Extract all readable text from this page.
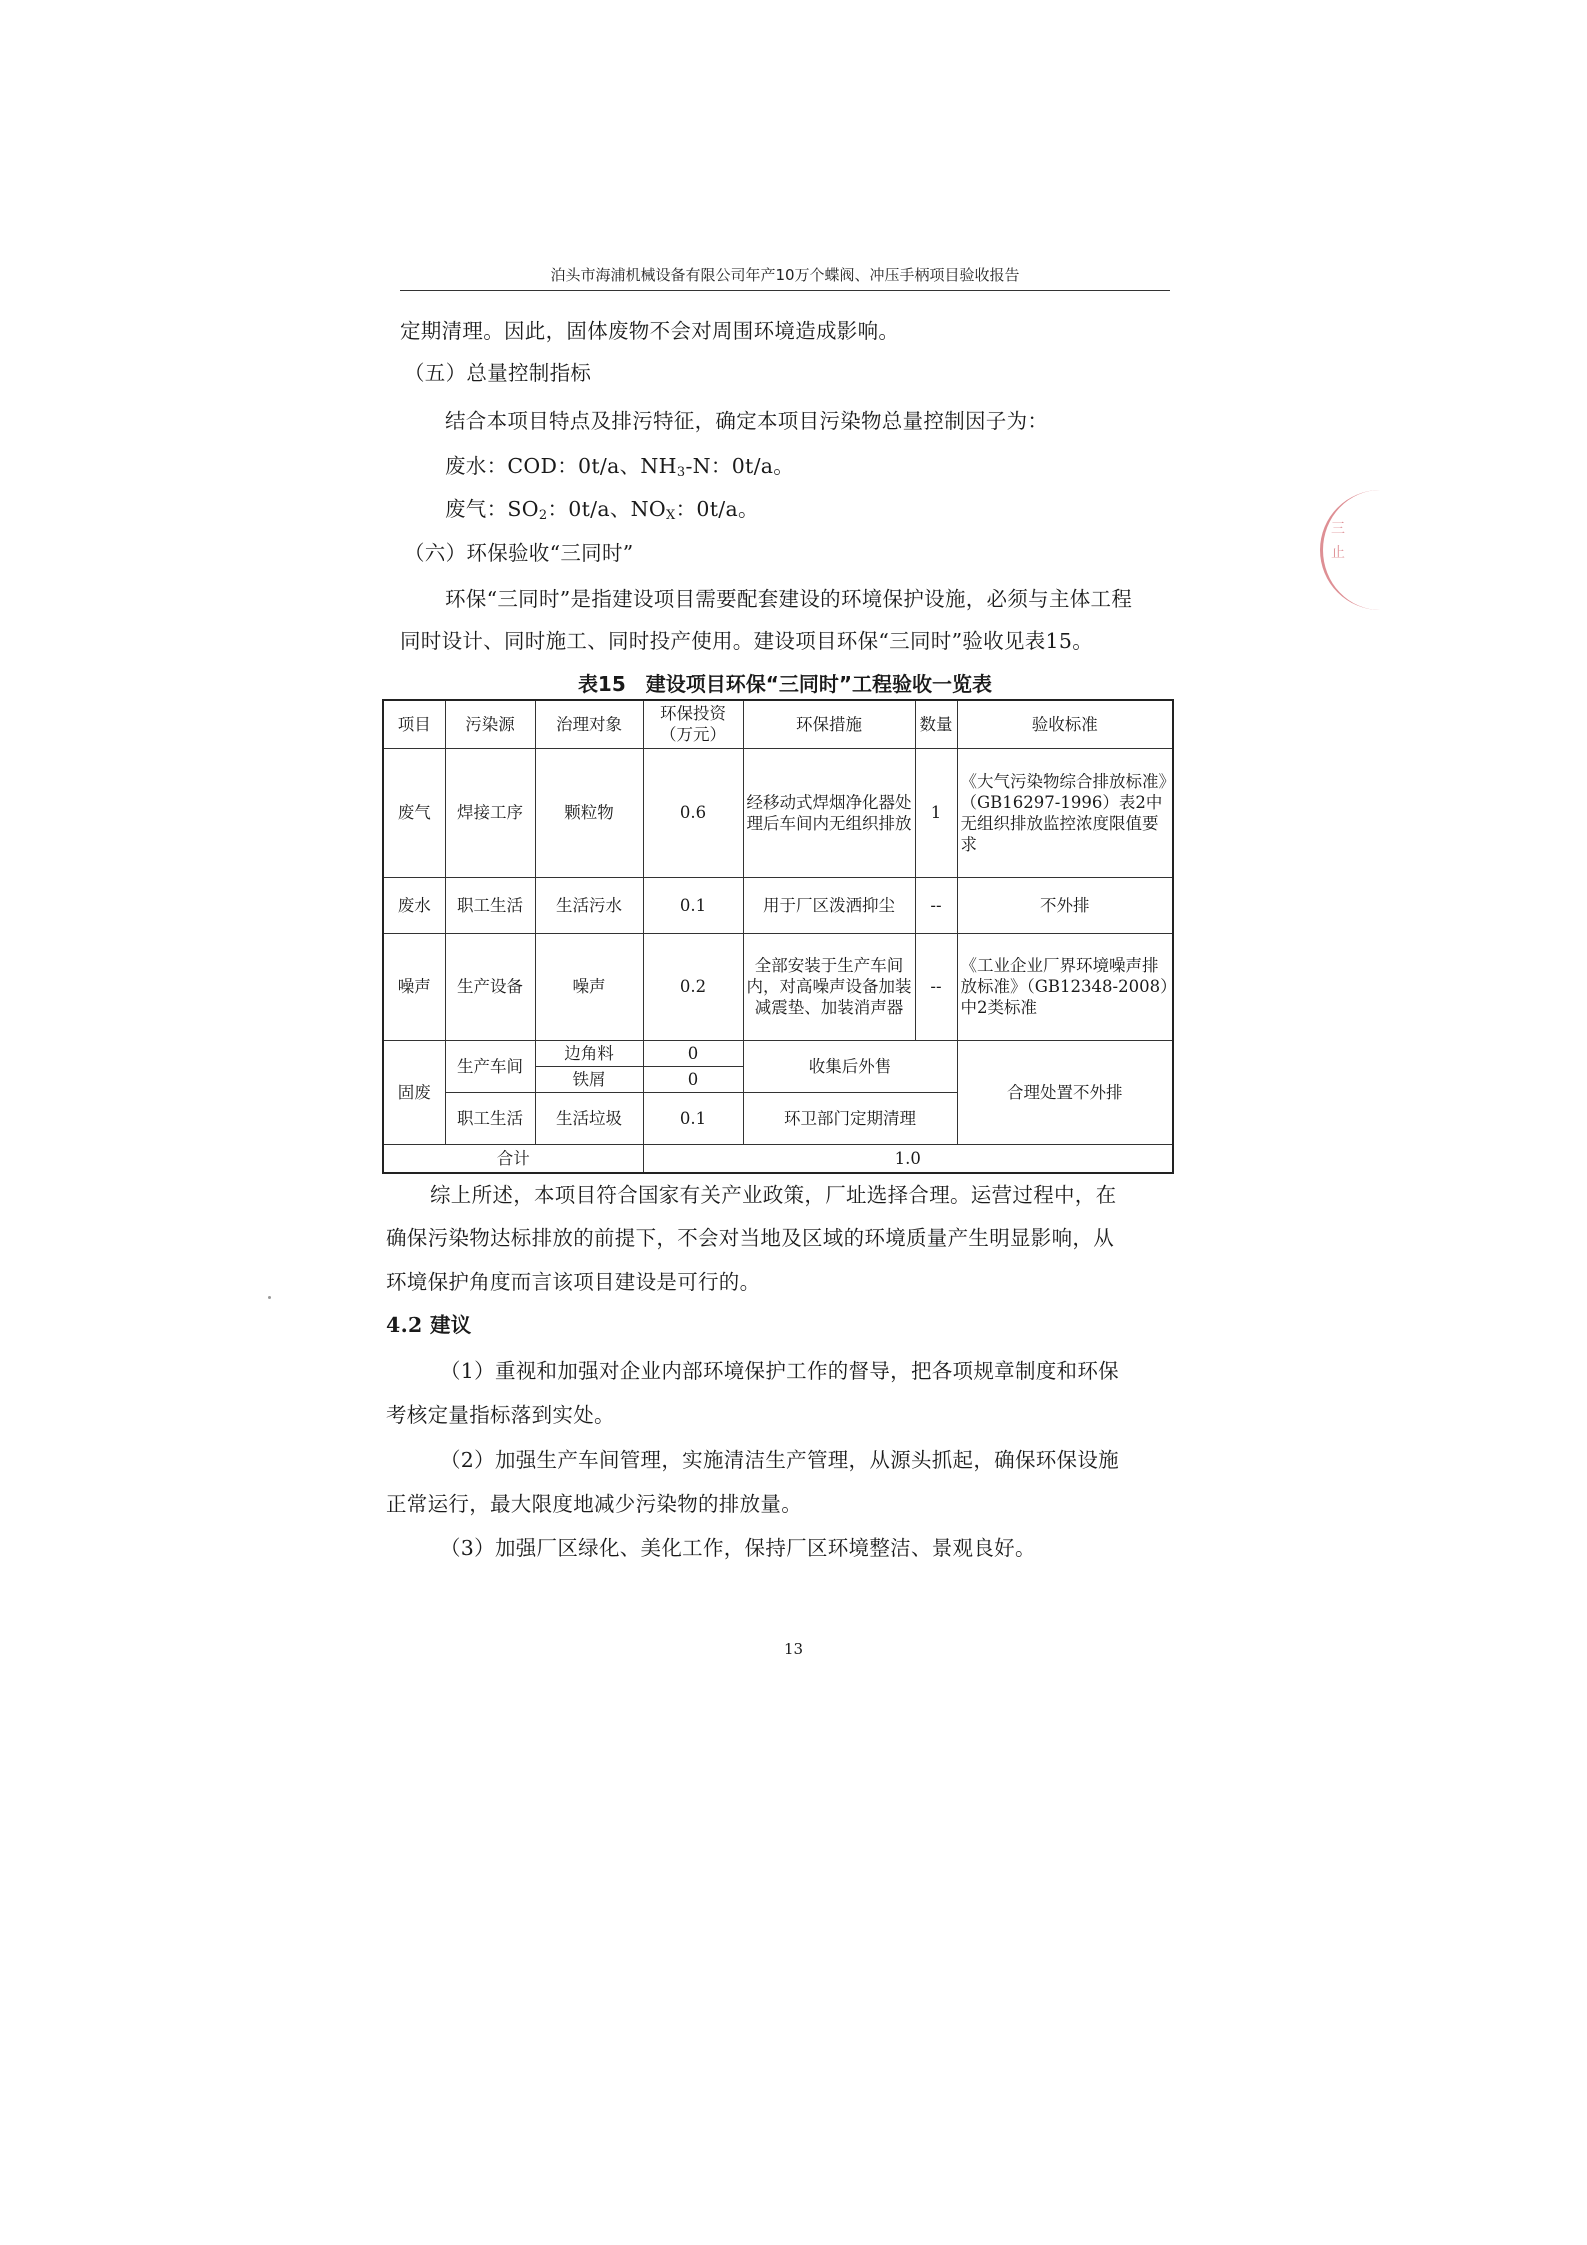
泊头市海浦机械设备有限公司年产10万个蝶阀、冲压手柄项目验收报告
定期清理。因此，固体废物不会对周围环境造成影响。
（五）总量控制指标
结合本项目特点及排污特征，确定本项目污染物总量控制因子为：
废水：COD：0t/a、$NH_3-N$：0t/a。
废气：$SO_2$：0t/a、$NO_X$：0t/a。
（六）环保验收“三同时”
环保“三同时”是指建设项目需要配套建设的环境保护设施，必须与主体工程
同时设计、同时施工、同时投产使用。建设项目环保“三同时”验收见表15。
表15　建设项目环保“三同时”工程验收一览表
项目	污染源	治理对象	环保投资（万元）	环保措施	数量	验收标准
废气	焊接工序	颗粒物	0.6	经移动式焊烟净化器处理后车间内无组织排放	1	《大气污染物综合排放标准》（GB16297-1996）表2中无组织排放监控浓度限值要求
废水	职工生活	生活污水	0.1	用于厂区泼洒抑尘	--	不外排
噪声	生产设备	噪声	0.2	全部安装于生产车间内，对高噪声设备加装减震垫、加装消声器	--	《工业企业厂界环境噪声排放标准》（GB12348-2008）中2类标准
固废	生产车间	边角料	0	收集后外售		合理处置不外排
		铁屑	0			
	职工生活	生活垃圾	0.1	环卫部门定期清理		
合计			1.0			
综上所述，本项目符合国家有关产业政策，厂址选择合理。运营过程中，在
确保污染物达标排放的前提下，不会对当地及区域的环境质量产生明显影响，从
环境保护角度而言该项目建设是可行的。
4.2 建议
（1）重视和加强对企业内部环境保护工作的督导，把各项规章制度和环保
考核定量指标落到实处。
（2）加强生产车间管理，实施清洁生产管理，从源头抓起，确保环保设施
正常运行，最大限度地减少污染物的排放量。
（3）加强厂区绿化、美化工作，保持厂区环境整洁、景观良好。
13
三
止
